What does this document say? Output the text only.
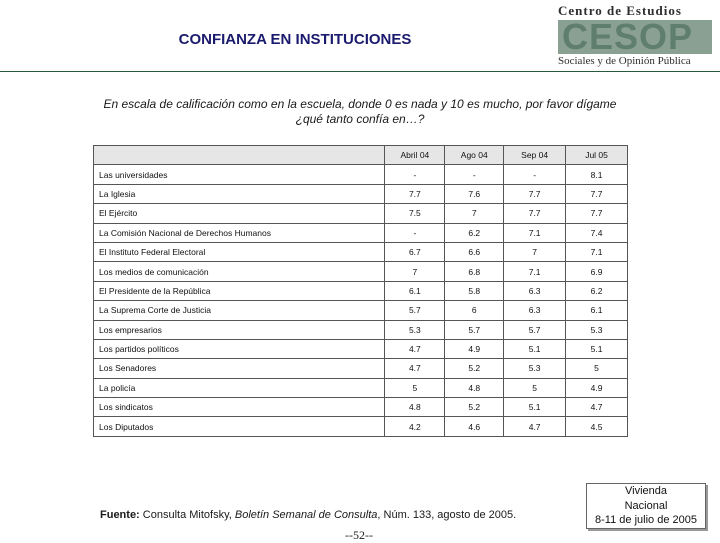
CONFIANZA EN INSTITUCIONES
Centro de Estudios
CESOP
Sociales y de Opinión Pública
En escala de calificación como en la escuela, donde 0 es nada y 10 es mucho, por favor dígame
¿qué tanto confía en…?
		Abril 04	Ago 04	Sep 04	Jul 05
Las universidades		-	-	-	8.1
La Iglesia		7.7	7.6	7.7	7.7
El Ejército		7.5	7	7.7	7.7
La Comisión Nacional de Derechos Humanos		-	6.2	7.1	7.4
El Instituto Federal Electoral		6.7	6.6	7	7.1
Los medios de comunicación		7	6.8	7.1	6.9
El Presidente de la República		6.1	5.8	6.3	6.2
La Suprema Corte de Justicia		5.7	6	6.3	6.1
Los empresarios		5.3	5.7	5.7	5.3
Los partidos políticos		4.7	4.9	5.1	5.1
Los Senadores		4.7	5.2	5.3	5
La policía		5	4.8	5	4.9
Los sindicatos		4.8	5.2	5.1	4.7
Los Diputados		4.2	4.6	4.7	4.5
Fuente: Consulta Mitofsky, Boletín Semanal de Consulta, Núm. 133, agosto de 2005.
--52--
Vivienda
Nacional
8-11 de julio de 2005
